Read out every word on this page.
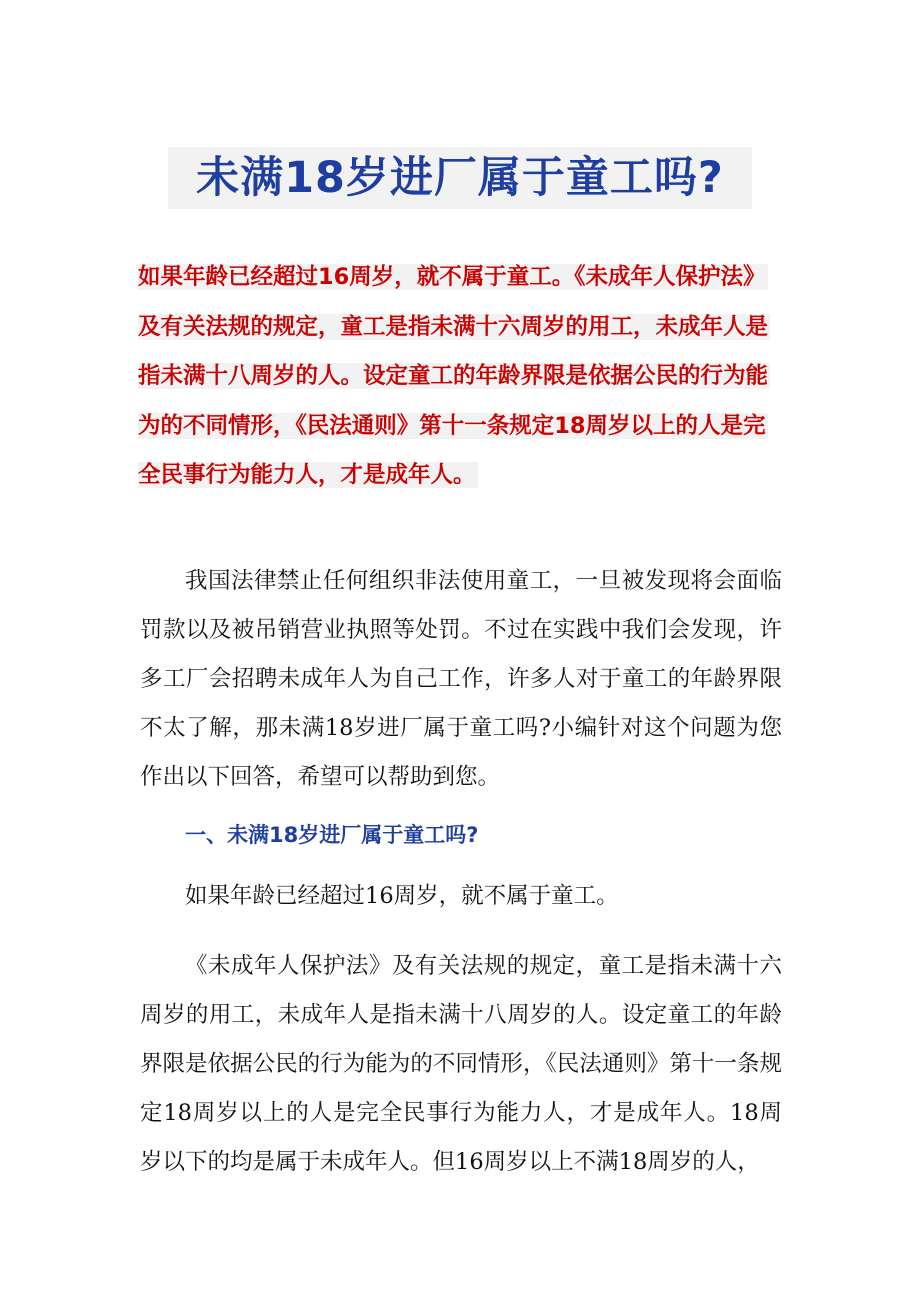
未满18岁进厂属于童工吗?

如果年龄已经超过16周岁，就不属于童工。《未成年人保护法》及有关法规的规定，童工是指未满十六周岁的用工，未成年人是指未满十八周岁的人。设定童工的年龄界限是依据公民的行为能为的不同情形，《民法通则》第十一条规定18周岁以上的人是完全民事行为能力人，才是成年人。

我国法律禁止任何组织非法使用童工，一旦被发现将会面临罚款以及被吊销营业执照等处罚。不过在实践中我们会发现，许多工厂会招聘未成年人为自己工作，许多人对于童工的年龄界限不太了解，那未满18岁进厂属于童工吗?小编针对这个问题为您作出以下回答，希望可以帮助到您。

一、未满18岁进厂属于童工吗?

如果年龄已经超过16周岁，就不属于童工。

《未成年人保护法》及有关法规的规定，童工是指未满十六周岁的用工，未成年人是指未满十八周岁的人。设定童工的年龄界限是依据公民的行为能为的不同情形，《民法通则》第十一条规定18周岁以上的人是完全民事行为能力人，才是成年人。18周岁以下的均是属于未成年人。但16周岁以上不满18周岁的人，
